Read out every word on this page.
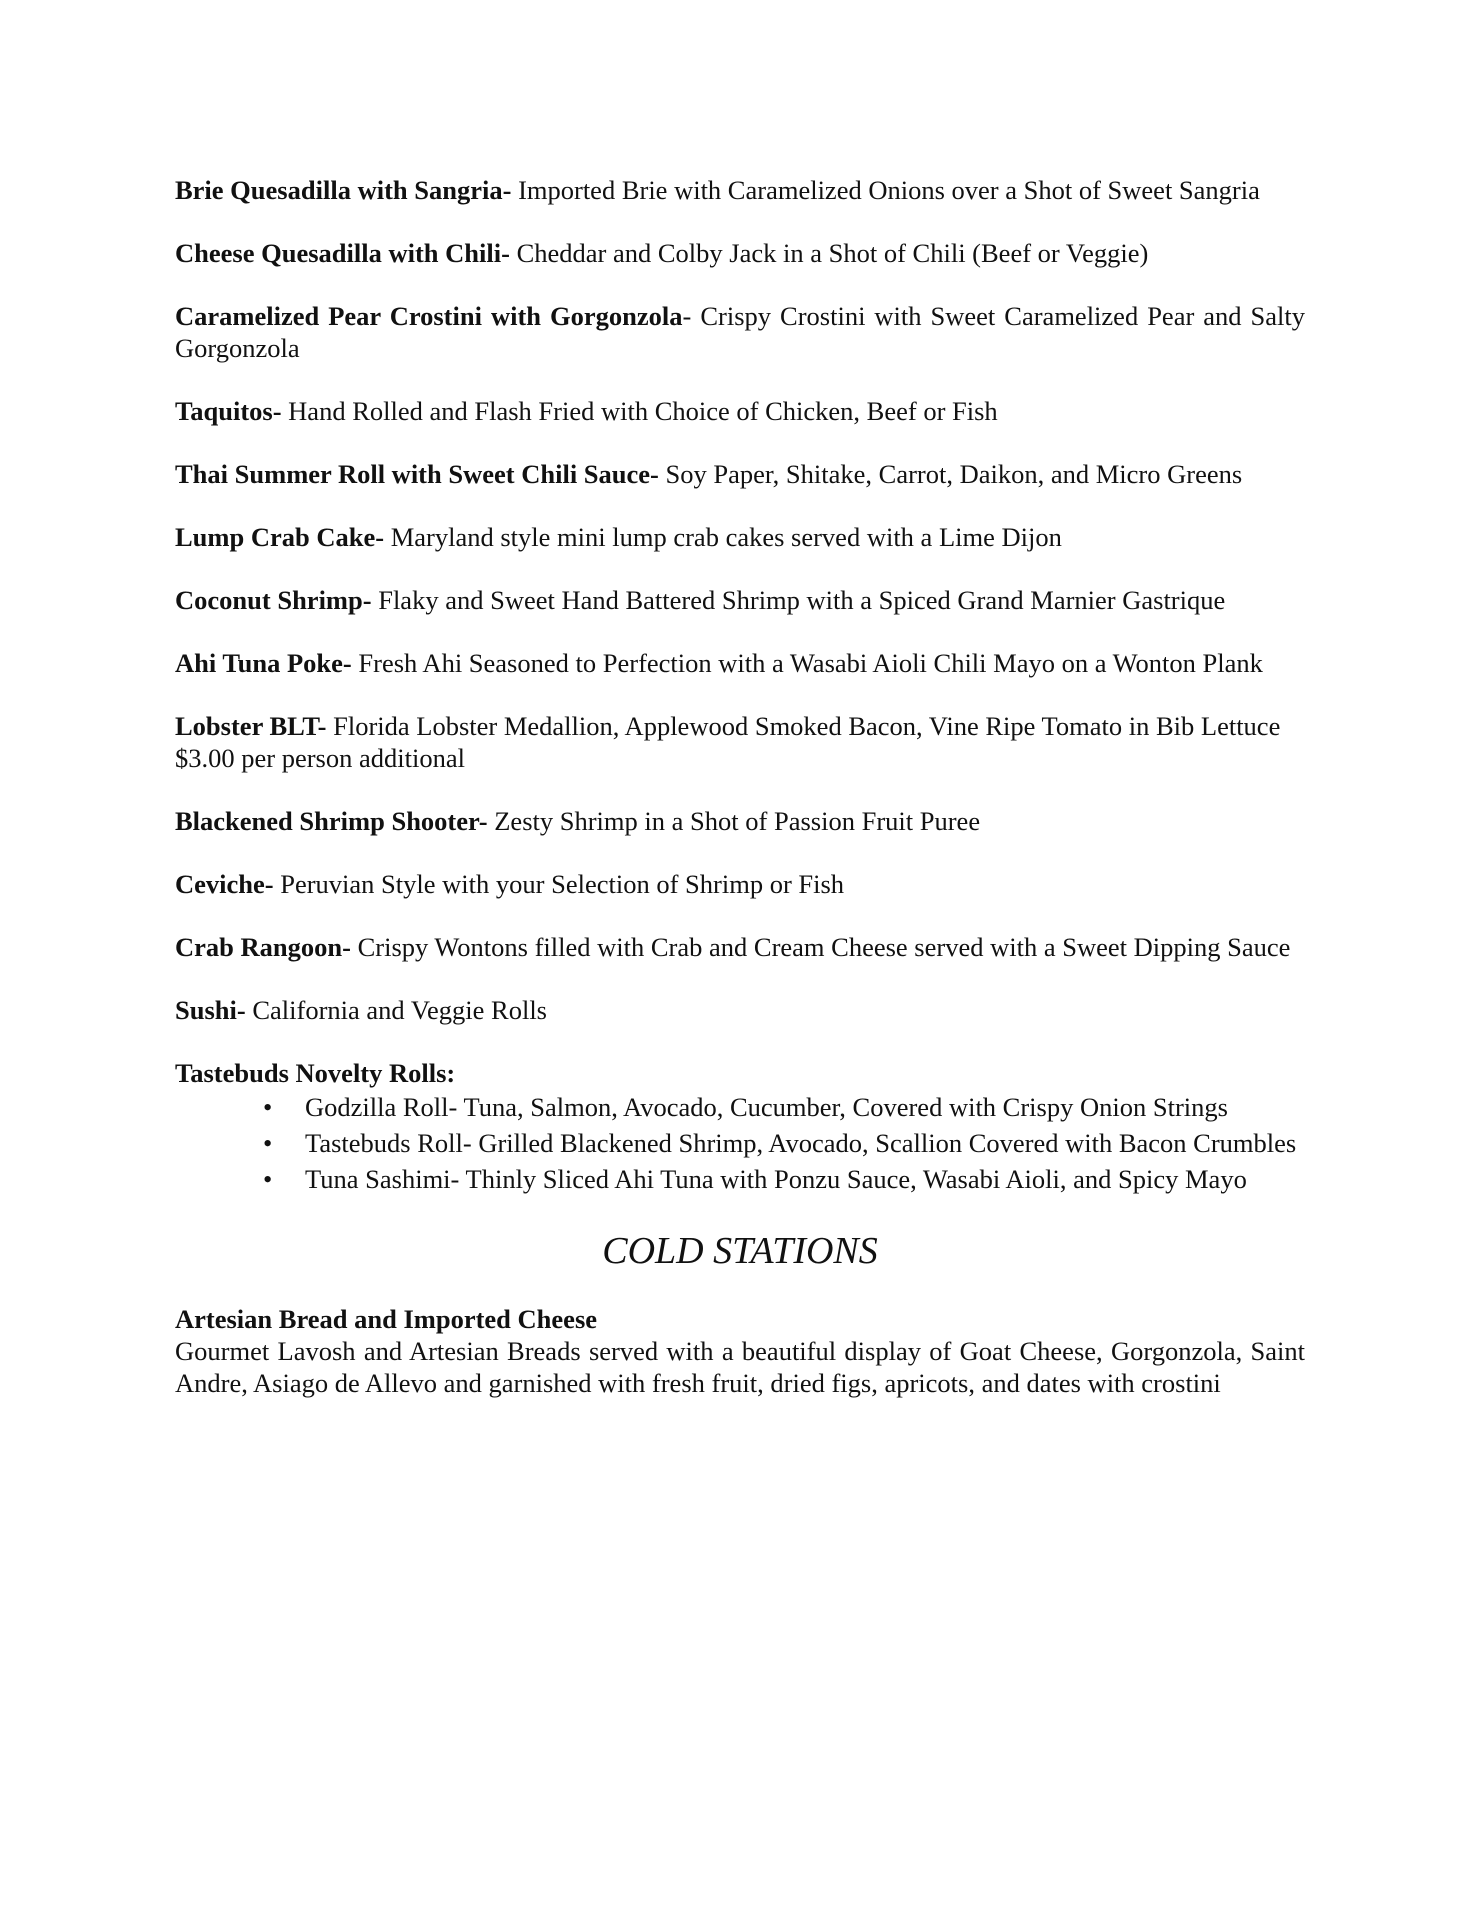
Brie Quesadilla with Sangria- Imported Brie with Caramelized Onions over a Shot of Sweet Sangria

Cheese Quesadilla with Chili- Cheddar and Colby Jack in a Shot of Chili (Beef or Veggie)

Caramelized Pear Crostini with Gorgonzola- Crispy Crostini with Sweet Caramelized Pear and Salty Gorgonzola

Taquitos- Hand Rolled and Flash Fried with Choice of Chicken, Beef or Fish

Thai Summer Roll with Sweet Chili Sauce- Soy Paper, Shitake, Carrot, Daikon, and Micro Greens

Lump Crab Cake- Maryland style mini lump crab cakes served with a Lime Dijon

Coconut Shrimp- Flaky and Sweet Hand Battered Shrimp with a Spiced Grand Marnier Gastrique

Ahi Tuna Poke- Fresh Ahi Seasoned to Perfection with a Wasabi Aioli Chili Mayo on a Wonton Plank

Lobster BLT- Florida Lobster Medallion, Applewood Smoked Bacon, Vine Ripe Tomato in Bib Lettuce
$3.00 per person additional

Blackened Shrimp Shooter- Zesty Shrimp in a Shot of Passion Fruit Puree

Ceviche- Peruvian Style with your Selection of Shrimp or Fish

Crab Rangoon- Crispy Wontons filled with Crab and Cream Cheese served with a Sweet Dipping Sauce

Sushi- California and Veggie Rolls

Tastebuds Novelty Rolls:

• Godzilla Roll- Tuna, Salmon, Avocado, Cucumber, Covered with Crispy Onion Strings
• Tastebuds Roll- Grilled Blackened Shrimp, Avocado, Scallion Covered with Bacon Crumbles
• Tuna Sashimi- Thinly Sliced Ahi Tuna with Ponzu Sauce, Wasabi Aioli, and Spicy Mayo
COLD STATIONS

Artesian Bread and Imported Cheese

Gourmet Lavosh and Artesian Breads served with a beautiful display of Goat Cheese, Gorgonzola, Saint Andre, Asiago de Allevo and garnished with fresh fruit, dried figs, apricots, and dates with crostini
